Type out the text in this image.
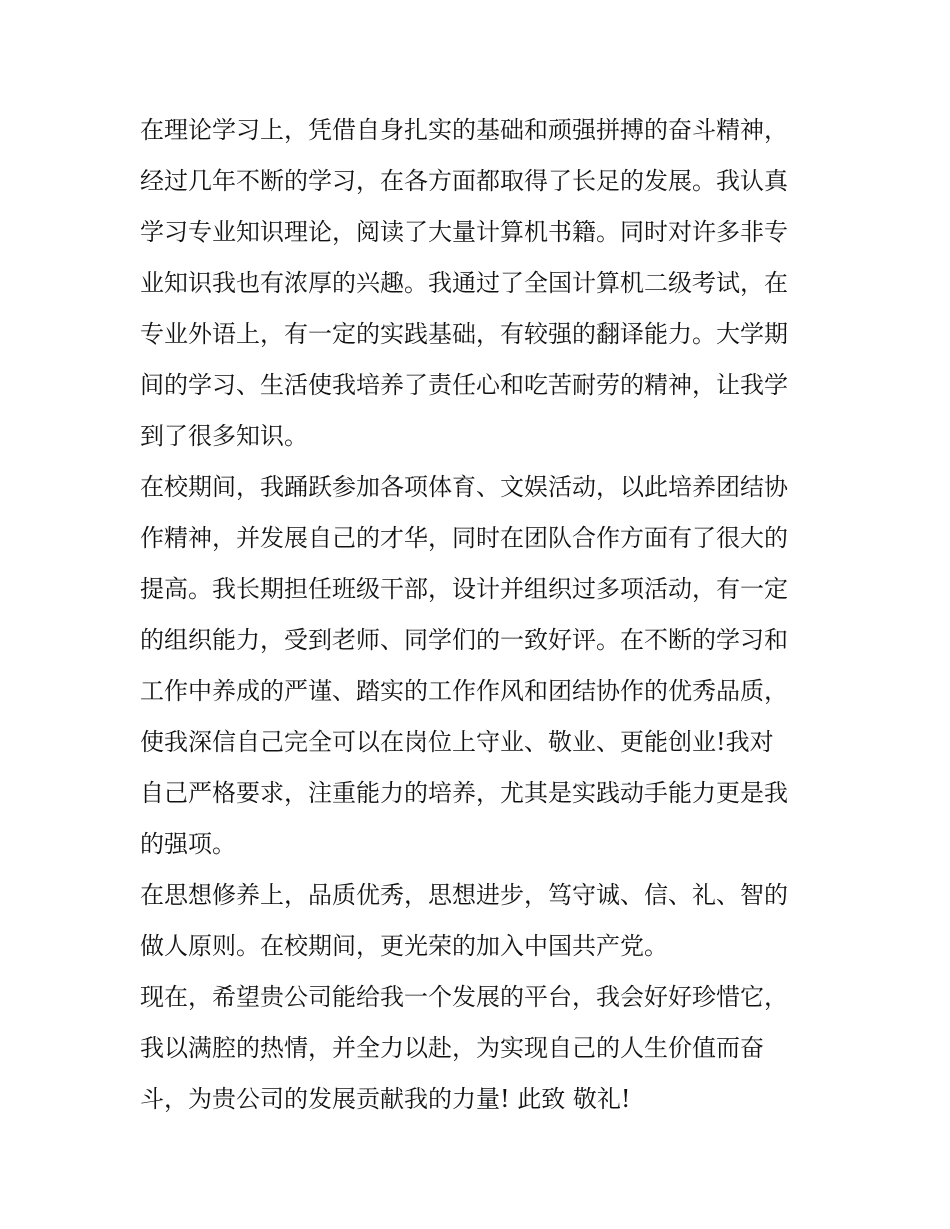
在理论学习上，凭借自身扎实的基础和顽强拼搏的奋斗精神，
经过几年不断的学习，在各方面都取得了长足的发展。我认真
学习专业知识理论，阅读了大量计算机书籍。同时对许多非专
业知识我也有浓厚的兴趣。我通过了全国计算机二级考试，在
专业外语上，有一定的实践基础，有较强的翻译能力。大学期
间的学习、生活使我培养了责任心和吃苦耐劳的精神，让我学
到了很多知识。
在校期间，我踊跃参加各项体育、文娱活动，以此培养团结协
作精神，并发展自己的才华，同时在团队合作方面有了很大的
提高。我长期担任班级干部，设计并组织过多项活动，有一定
的组织能力，受到老师、同学们的一致好评。在不断的学习和
工作中养成的严谨、踏实的工作作风和团结协作的优秀品质，
使我深信自己完全可以在岗位上守业、敬业、更能创业!我对
自己严格要求，注重能力的培养，尤其是实践动手能力更是我
的强项。
在思想修养上，品质优秀，思想进步，笃守诚、信、礼、智的
做人原则。在校期间，更光荣的加入中国共产党。
现在，希望贵公司能给我一个发展的平台，我会好好珍惜它，
我以满腔的热情，并全力以赴，为实现自己的人生价值而奋
斗，为贵公司的发展贡献我的力量! 此致 敬礼!
